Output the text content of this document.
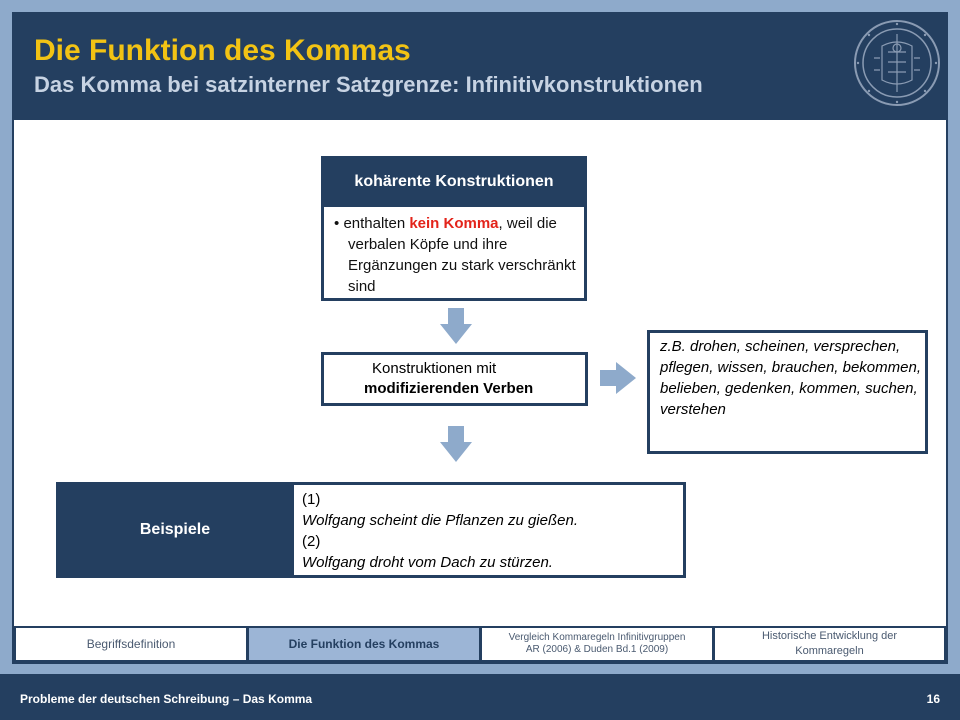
Die Funktion des Kommas
Das Komma bei satzinterner Satzgrenze: Infinitivkonstruktionen
kohärente Konstruktionen
• enthalten kein Komma, weil die verbalen Köpfe und ihre Ergänzungen zu stark verschränkt sind
Konstruktionen mit
modifizierenden Verben
z.B. drohen, scheinen, versprechen, pflegen, wissen, brauchen, bekommen, belieben, gedenken, kommen, suchen, verstehen
Beispiele
(1)
Wolfgang scheint die Pflanzen zu gießen.
(2)
Wolfgang droht vom Dach zu stürzen.
Begriffsdefinition	Die Funktion des Kommas	Vergleich Kommaregeln Infinitivgruppen
AR (2006) & Duden Bd.1 (2009)
Historische Entwicklung der
Kommaregeln
Probleme der deutschen Schreibung – Das Komma	16
